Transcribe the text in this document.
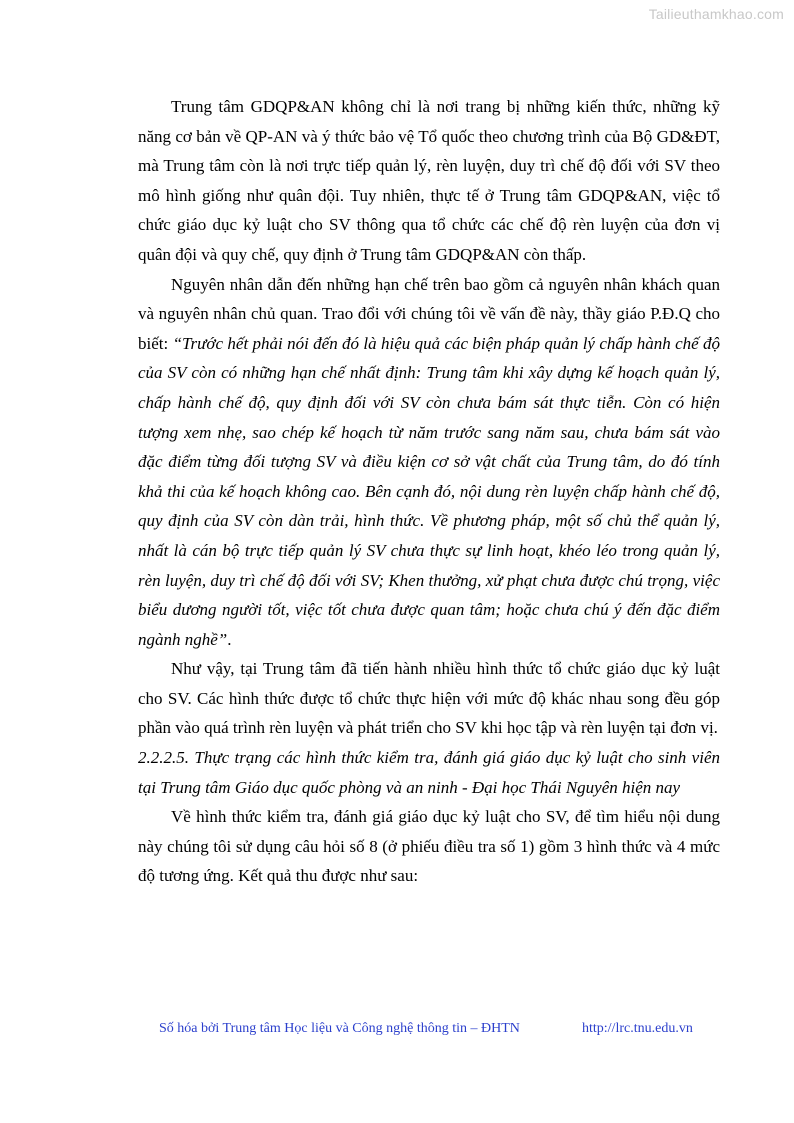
Tailieuthamkhao.com

Trung tâm GDQP&AN không chỉ là nơi trang bị những kiến thức, những kỹ năng cơ bản về QP-AN và ý thức bảo vệ Tổ quốc theo chương trình của Bộ GD&ĐT, mà Trung tâm còn là nơi trực tiếp quản lý, rèn luyện, duy trì chế độ đối với SV theo mô hình giống như quân đội. Tuy nhiên, thực tế ở Trung tâm GDQP&AN, việc tổ chức giáo dục kỷ luật cho SV thông qua tổ chức các chế độ rèn luyện của đơn vị quân đội và quy chế, quy định ở Trung tâm GDQP&AN còn thấp.

Nguyên nhân dẫn đến những hạn chế trên bao gồm cả nguyên nhân khách quan và nguyên nhân chủ quan. Trao đổi với chúng tôi về vấn đề này, thầy giáo P.Đ.Q cho biết: “Trước hết phải nói đến đó là hiệu quả các biện pháp quản lý chấp hành chế độ của SV còn có những hạn chế nhất định: Trung tâm khi xây dựng kế hoạch quản lý, chấp hành chế độ, quy định đối với SV còn chưa bám sát thực tiễn. Còn có hiện tượng xem nhẹ, sao chép kế hoạch từ năm trước sang năm sau, chưa bám sát vào đặc điểm từng đối tượng SV và điều kiện cơ sở vật chất của Trung tâm, do đó tính khả thi của kế hoạch không cao. Bên cạnh đó, nội dung rèn luyện chấp hành chế độ, quy định của SV còn dàn trải, hình thức. Về phương pháp, một số chủ thể quản lý, nhất là cán bộ trực tiếp quản lý SV chưa thực sự linh hoạt, khéo léo trong quản lý, rèn luyện, duy trì chế độ đối với SV; Khen thưởng, xử phạt chưa được chú trọng, việc biểu dương người tốt, việc tốt chưa được quan tâm; hoặc chưa chú ý đến đặc điểm ngành nghề”.

Như vậy, tại Trung tâm đã tiến hành nhiều hình thức tổ chức giáo dục kỷ luật cho SV. Các hình thức được tổ chức thực hiện với mức độ khác nhau song đều góp phần vào quá trình rèn luyện và phát triển cho SV khi học tập và rèn luyện tại đơn vị.

2.2.2.5. Thực trạng các hình thức kiểm tra, đánh giá giáo dục kỷ luật cho sinh viên tại Trung tâm Giáo dục quốc phòng và an ninh - Đại học Thái Nguyên hiện nay

Về hình thức kiểm tra, đánh giá giáo dục kỷ luật cho SV, để tìm hiểu nội dung này chúng tôi sử dụng câu hỏi số 8 (ở phiếu điều tra số 1) gồm 3 hình thức và 4 mức độ tương ứng. Kết quả thu được như sau:

Số hóa bởi Trung tâm Học liệu và Công nghệ thông tin – ĐHTN	http://lrc.tnu.edu.vn
